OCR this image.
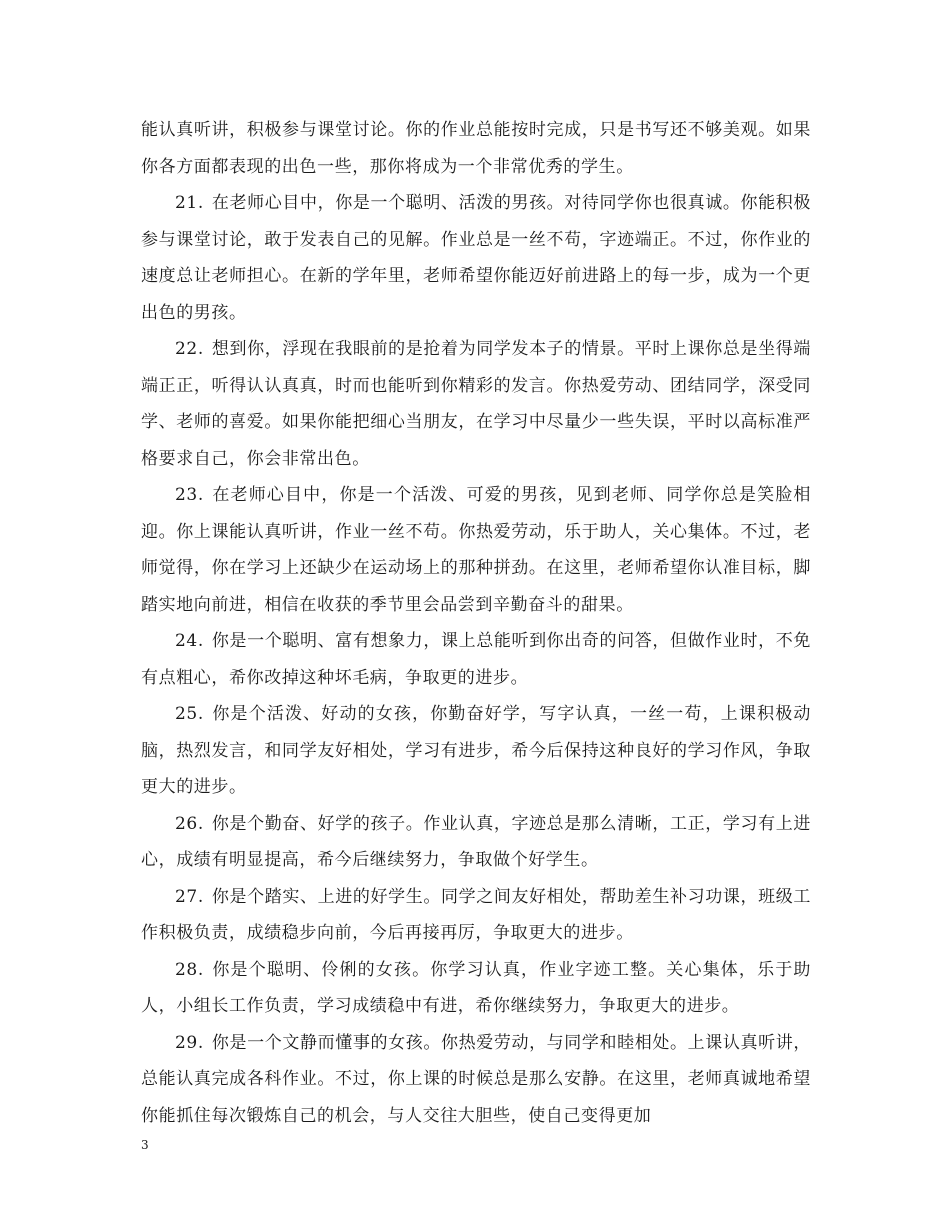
能认真听讲，积极参与课堂讨论。你的作业总能按时完成，只是书写还不够美观。如果你各方面都表现的出色一些，那你将成为一个非常优秀的学生。

21. 在老师心目中，你是一个聪明、活泼的男孩。对待同学你也很真诚。你能积极参与课堂讨论，敢于发表自己的见解。作业总是一丝不苟，字迹端正。不过，你作业的速度总让老师担心。在新的学年里，老师希望你能迈好前进路上的每一步，成为一个更出色的男孩。

22. 想到你，浮现在我眼前的是抢着为同学发本子的情景。平时上课你总是坐得端端正正，听得认认真真，时而也能听到你精彩的发言。你热爱劳动、团结同学，深受同学、老师的喜爱。如果你能把细心当朋友，在学习中尽量少一些失误，平时以高标准严格要求自己，你会非常出色。

23. 在老师心目中，你是一个活泼、可爱的男孩，见到老师、同学你总是笑脸相迎。你上课能认真听讲，作业一丝不苟。你热爱劳动，乐于助人，关心集体。不过，老师觉得，你在学习上还缺少在运动场上的那种拼劲。在这里，老师希望你认准目标，脚踏实地向前进，相信在收获的季节里会品尝到辛勤奋斗的甜果。

24. 你是一个聪明、富有想象力，课上总能听到你出奇的问答，但做作业时，不免有点粗心，希你改掉这种坏毛病，争取更的进步。

25. 你是个活泼、好动的女孩，你勤奋好学，写字认真，一丝一苟，上课积极动脑，热烈发言，和同学友好相处，学习有进步，希今后保持这种良好的学习作风，争取更大的进步。

26. 你是个勤奋、好学的孩子。作业认真，字迹总是那么清晰，工正，学习有上进心，成绩有明显提高，希今后继续努力，争取做个好学生。

27. 你是个踏实、上进的好学生。同学之间友好相处，帮助差生补习功课，班级工作积极负责，成绩稳步向前，今后再接再厉，争取更大的进步。

28. 你是个聪明、伶俐的女孩。你学习认真，作业字迹工整。关心集体，乐于助人，小组长工作负责，学习成绩稳中有进，希你继续努力，争取更大的进步。

29. 你是一个文静而懂事的女孩。你热爱劳动，与同学和睦相处。上课认真听讲，总能认真完成各科作业。不过，你上课的时候总是那么安静。在这里，老师真诚地希望你能抓住每次锻炼自己的机会，与人交往大胆些，使自己变得更加

3
